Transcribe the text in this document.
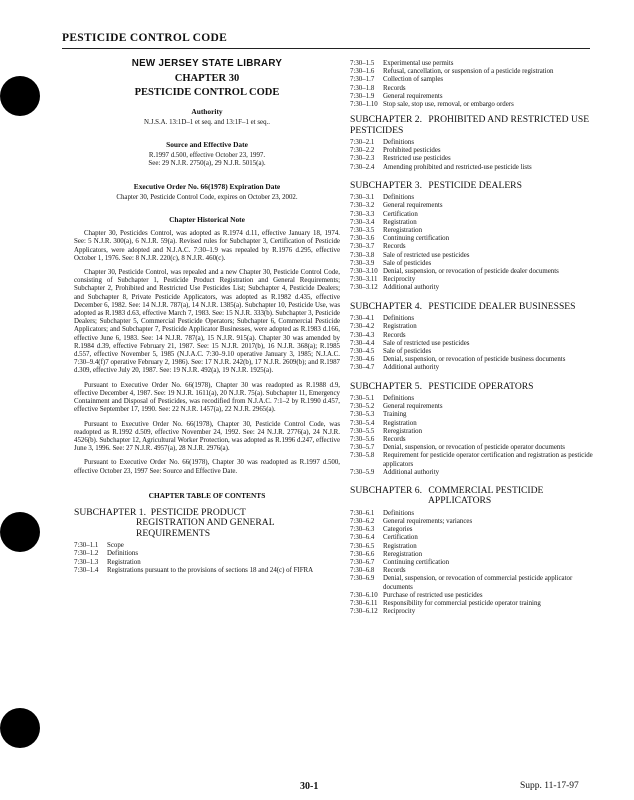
PESTICIDE CONTROL CODE
NEW JERSEY STATE LIBRARY
CHAPTER 30
PESTICIDE CONTROL CODE
Authority
N.J.S.A. 13:1D–1 et seq. and 13:1F–1 et seq..
Source and Effective Date
R.1997 d.500, effective October 23, 1997.
See: 29 N.J.R. 2750(a), 29 N.J.R. 5015(a).
Executive Order No. 66(1978) Expiration Date
Chapter 30, Pesticide Control Code, expires on October 23, 2002.
Chapter Historical Note
Chapter 30, Pesticides Control, was adopted as R.1974 d.11, effective January 18, 1974. See: 5 N.J.R. 300(a), 6 N.J.R. 59(a). Revised rules for Subchapter 3, Certification of Pesticide Applicators, were adopted and N.J.A.C. 7:30–1.9 was repealed by R.1976 d.295, effective October 1, 1976. See: 8 N.J.R. 220(c), 8 N.J.R. 460(c).
Chapter 30, Pesticide Control, was repealed and a new Chapter 30, Pesticide Control Code, consisting of Subchapter 1, Pesticide Product Registration and General Requirements; Subchapter 2, Prohibited and Restricted Use Pesticides List; Subchapter 4, Pesticide Dealers; and Subchapter 8, Private Pesticide Applicators, was adopted as R.1982 d.435, effective December 6, 1982. See: 14 N.J.R. 787(a), 14 N.J.R. 1385(a). Subchapter 10, Pesticide Use, was adopted as R.1983 d.63, effective March 7, 1983. See: 15 N.J.R. 333(b). Subchapter 3, Pesticide Dealers; Subchapter 5, Commercial Pesticide Operators; Subchapter 6, Commercial Pesticide Applicators; and Subchapter 7, Pesticide Applicator Businesses, were adopted as R.1983 d.166, effective June 6, 1983. See: 14 N.J.R. 787(a), 15 N.J.R. 915(a). Chapter 30 was amended by R.1984 d.39, effective February 21, 1987. See: 15 N.J.R. 2017(b), 16 N.J.R. 368(a); R.1985 d.557, effective November 5, 1985 (N.J.A.C. 7:30–9.10 operative January 3, 1985; N.J.A.C. 7:30–9.4(f)7 operative February 2, 1986). See: 17 N.J.R. 242(b), 17 N.J.R. 2609(b); and R.1987 d.309, effective July 20, 1987. See: 19 N.J.R. 492(a), 19 N.J.R. 1925(a).
Pursuant to Executive Order No. 66(1978), Chapter 30 was readopted as R.1988 d.9, effective December 4, 1987. See: 19 N.J.R. 1611(a), 20 N.J.R. 75(a). Subchapter 11, Emergency Containment and Disposal of Pesticides, was recodified from N.J.A.C. 7:1–2 by R.1990 d.457, effective September 17, 1990. See: 22 N.J.R. 1457(a), 22 N.J.R. 2965(a).
Pursuant to Executive Order No. 66(1978), Chapter 30, Pesticide Control Code, was readopted as R.1992 d.509, effective November 24, 1992. See: 24 N.J.R. 2776(a), 24 N.J.R. 4526(b). Subchapter 12, Agricultural Worker Protection, was adopted as R.1996 d.247, effective June 3, 1996. See: 27 N.J.R. 4957(a), 28 N.J.R. 2976(a).
Pursuant to Executive Order No. 66(1978), Chapter 30 was readopted as R.1997 d.500, effective October 23, 1997 See: Source and Effective Date.
CHAPTER TABLE OF CONTENTS
SUBCHAPTER 1. PESTICIDE PRODUCT
REGISTRATION AND GENERAL
REQUIREMENTS
7:30–1.1 Scope
7:30–1.2 Definitions
7:30–1.3 Registration
7:30–1.4 Registrations pursuant to the provisions of sections 18 and 24(c) of FIFRA
7:30–1.5 Experimental use permits
7:30–1.6 Refusal, cancellation, or suspension of a pesticide registration
7:30–1.7 Collection of samples
7:30–1.8 Records
7:30–1.9 General requirements
7:30–1.10 Stop sale, stop use, removal, or embargo orders
SUBCHAPTER 2. PROHIBITED AND RESTRICTED USE PESTICIDES
7:30–2.1 Definitions
7:30–2.2 Prohibited pesticides
7:30–2.3 Restricted use pesticides
7:30–2.4 Amending prohibited and restricted-use pesticide lists
SUBCHAPTER 3. PESTICIDE DEALERS
7:30–3.1 Definitions
7:30–3.2 General requirements
7:30–3.3 Certification
7:30–3.4 Registration
7:30–3.5 Reregistration
7:30–3.6 Continuing certification
7:30–3.7 Records
7:30–3.8 Sale of restricted use pesticides
7:30–3.9 Sale of pesticides
7:30–3.10 Denial, suspension, or revocation of pesticide dealer documents
7:30–3.11 Reciprocity
7:30–3.12 Additional authority
SUBCHAPTER 4. PESTICIDE DEALER BUSINESSES
7:30–4.1 Definitions
7:30–4.2 Registration
7:30–4.3 Records
7:30–4.4 Sale of restricted use pesticides
7:30–4.5 Sale of pesticides
7:30–4.6 Denial, suspension, or revocation of pesticide business documents
7:30–4.7 Additional authority
SUBCHAPTER 5. PESTICIDE OPERATORS
7:30–5.1 Definitions
7:30–5.2 General requirements
7:30–5.3 Training
7:30–5.4 Registration
7:30–5.5 Reregistration
7:30–5.6 Records
7:30–5.7 Denial, suspension, or revocation of pesticide operator documents
7:30–5.8 Requirement for pesticide operator certification and registration as pesticide applicators
7:30–5.9 Additional authority
SUBCHAPTER 6. COMMERCIAL PESTICIDE
APPLICATORS
7:30–6.1 Definitions
7:30–6.2 General requirements; variances
7:30–6.3 Categories
7:30–6.4 Certification
7:30–6.5 Registration
7:30–6.6 Reregistration
7:30–6.7 Continuing certification
7:30–6.8 Records
7:30–6.9 Denial, suspension, or revocation of commercial pesticide applicator documents
7:30–6.10 Purchase of restricted use pesticides
7:30–6.11 Responsibility for commercial pesticide operator training
7:30–6.12 Reciprocity
30-1	Supp. 11-17-97
